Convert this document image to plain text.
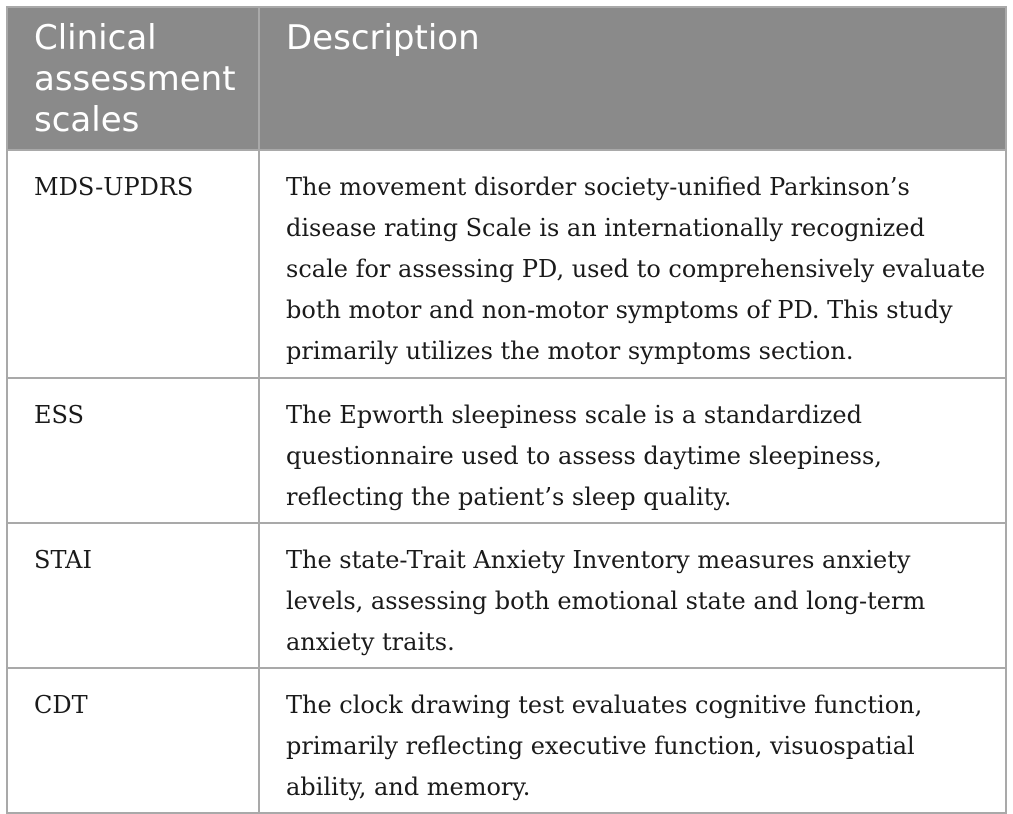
Clinical assessment scales	Description
MDS-UPDRS	The movement disorder society-unified Parkinson’s disease rating Scale is an internationally recognized scale for assessing PD, used to comprehensively evaluate both motor and non-motor symptoms of PD. This study primarily utilizes the motor symptoms section.
ESS	The Epworth sleepiness scale is a standardized questionnaire used to assess daytime sleepiness, reflecting the patient’s sleep quality.
STAI	The state-Trait Anxiety Inventory measures anxiety levels, assessing both emotional state and long-term anxiety traits.
CDT	The clock drawing test evaluates cognitive function, primarily reflecting executive function, visuospatial ability, and memory.
